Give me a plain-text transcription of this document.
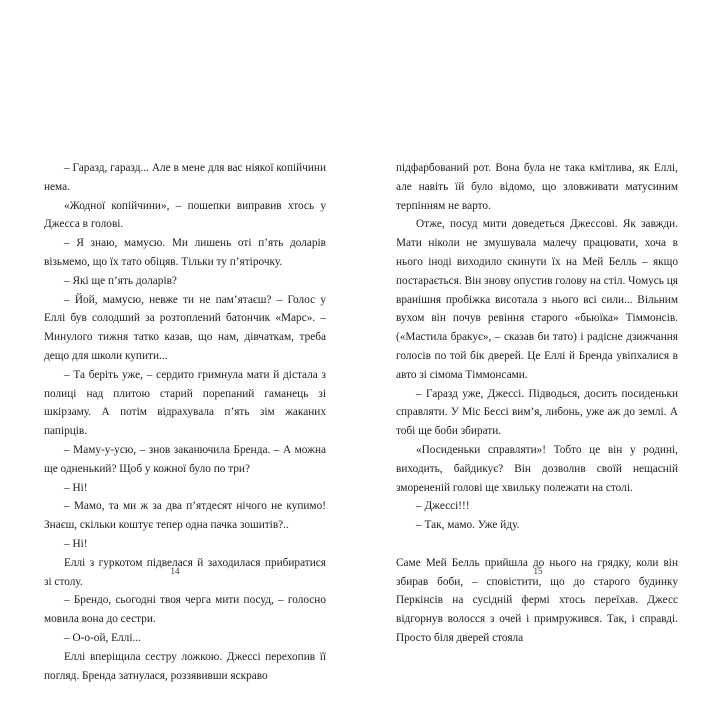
– Гаразд, гаразд... Але в мене для вас ніякої копійчини нема.

«Жодної копійчини», – пошепки виправив хтось у Джесса в голові.

– Я знаю, мамусю. Ми лишень оті п’ять доларів візьмемо, що їх тато обіцяв. Тільки ту п’ятірочку.

– Які ще п’ять доларів?

– Йой, мамусю, невже ти не пам’ятаєш? – Голос у Еллі був солодший за розтоплений батончик «Марс». – Минулого тижня татко казав, що нам, дівчаткам, треба дещо для школи купити...

– Та беріть уже, – сердито гримнула мати й дістала з полиці над плитою старий порепаний гаманець зі шкірзаму. А потім відрахувала п’ять зім жаканих папірців.

– Маму-у-усю, – знов заканючила Бренда. – А можна ще одненький? Щоб у кожної було по три?

– Ні!

– Мамо, та ми ж за два п’ятдесят нічого не купимо! Знаєш, скільки коштує тепер одна пачка зошитів?..

– Ні!

Еллі з гуркотом підвелася й заходилася прибиратися зі столу.

– Брендо, сьогодні твоя черга мити посуд, – голосно мовила вона до сестри.

– О-о-ой, Еллі...

Еллі вперіщила сестру ложкою. Джессі перехопив її погляд. Бренда затнулася, роззявивши яскраво

14

підфарбований рот. Вона була не така кмітлива, як Еллі, але навіть їй було відомо, що зловживати матусиним терпінням не варто.

Отже, посуд мити доведеться Джессові. Як завжди. Мати ніколи не змушувала малечу працювати, хоча в нього іноді виходило скинути їх на Мей Белль – якщо постарається. Він знову опустив голову на стіл. Чомусь ця вранішня пробіжка висотала з нього всі сили... Вільним вухом він почув ревіння старого «бьюїка» Тіммонсів. («Мастила бракує», – сказав би тато) і радісне дзижчання голосів по той бік дверей. Це Еллі й Бренда увіпхалися в авто зі сімома Тіммонсами.

– Гаразд уже, Джессі. Підводься, досить посиденьки справляти. У Міс Бессі вим’я, либонь, уже аж до землі. А тобі ще боби збирати.

«Посиденьки справляти»! Тобто це він у родині, виходить, байдикує? Він дозволив своїй нещасній зморененій голові ще хвильку полежати на столі.

– Джессі!!!

– Так, мамо. Уже йду.

Саме Мей Белль прийшла до нього на грядку, коли він збирав боби, – сповістити, що до старого будинку Перкінсів на сусідній фермі хтось переїхав. Джесс відгорнув волосся з очей і примружився. Так, і справді. Просто біля дверей стояла

15
